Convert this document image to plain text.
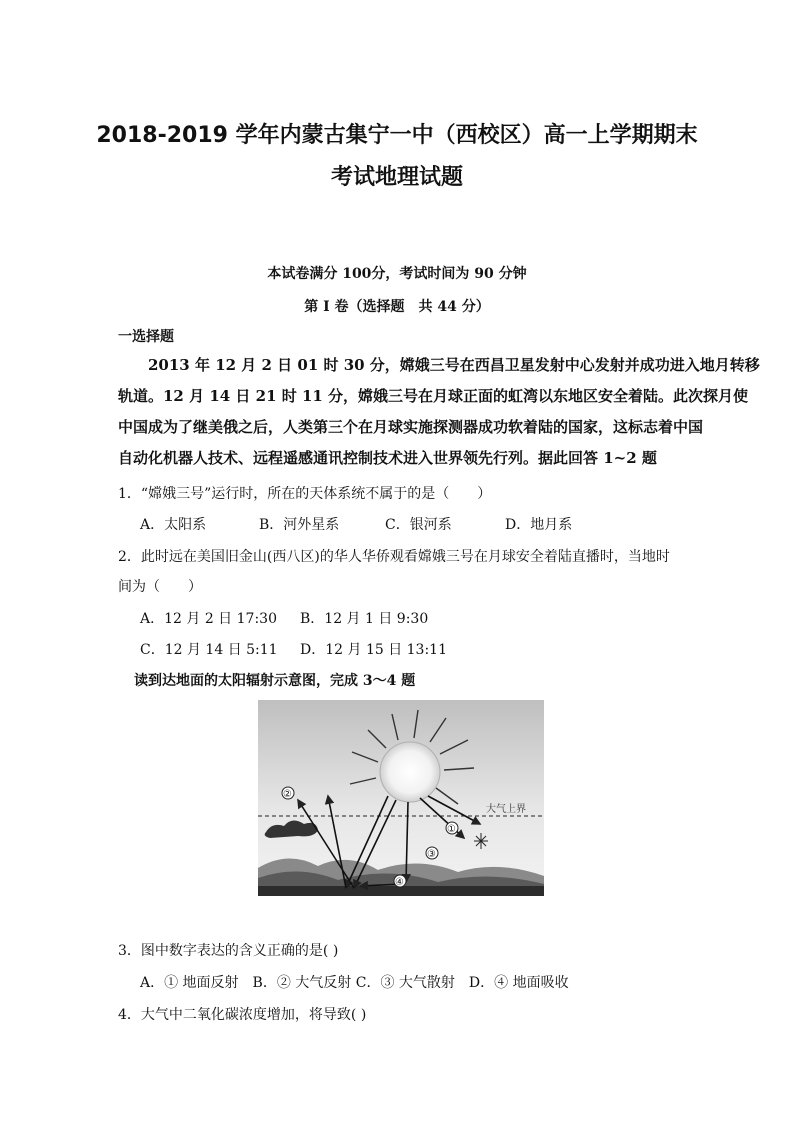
2018-2019 学年内蒙古集宁一中（西校区）高一上学期期末
考试地理试题
本试卷满分 100分，考试时间为 90 分钟
第 Ⅰ 卷（选择题　共 44 分）
一选择题
2013 年 12 月 2 日 01 时 30 分，嫦娥三号在西昌卫星发射中心发射并成功进入地月转移
轨道。12 月 14 日 21 时 11 分，嫦娥三号在月球正面的虹湾以东地区安全着陆。此次探月使
中国成为了继美俄之后，人类第三个在月球实施探测器成功软着陆的国家，这标志着中国
自动化机器人技术、远程遥感通讯控制技术进入世界领先行列。据此回答 1~2 题
1．“嫦娥三号”运行时，所在的天体系统不属于的是（　　）
A．太阳系	B．河外星系	C．银河系	D．地月系
2．此时远在美国旧金山(西八区)的华人华侨观看嫦娥三号在月球安全着陆直播时，当地时
间为（　　）
A．12 月 2 日 17:30 B．12 月 1 日 9:30
C．12 月 14 日 5:11 D．12 月 15 日 13:11
读到达地面的太阳辐射示意图，完成 3～4 题
大气上界
②
①
③
④
3．图中数字表达的含义正确的是( )
A．① 地面反射　B．② 大气反射 C．③ 大气散射　D．④ 地面吸收
4．大气中二氧化碳浓度增加，将导致( )
